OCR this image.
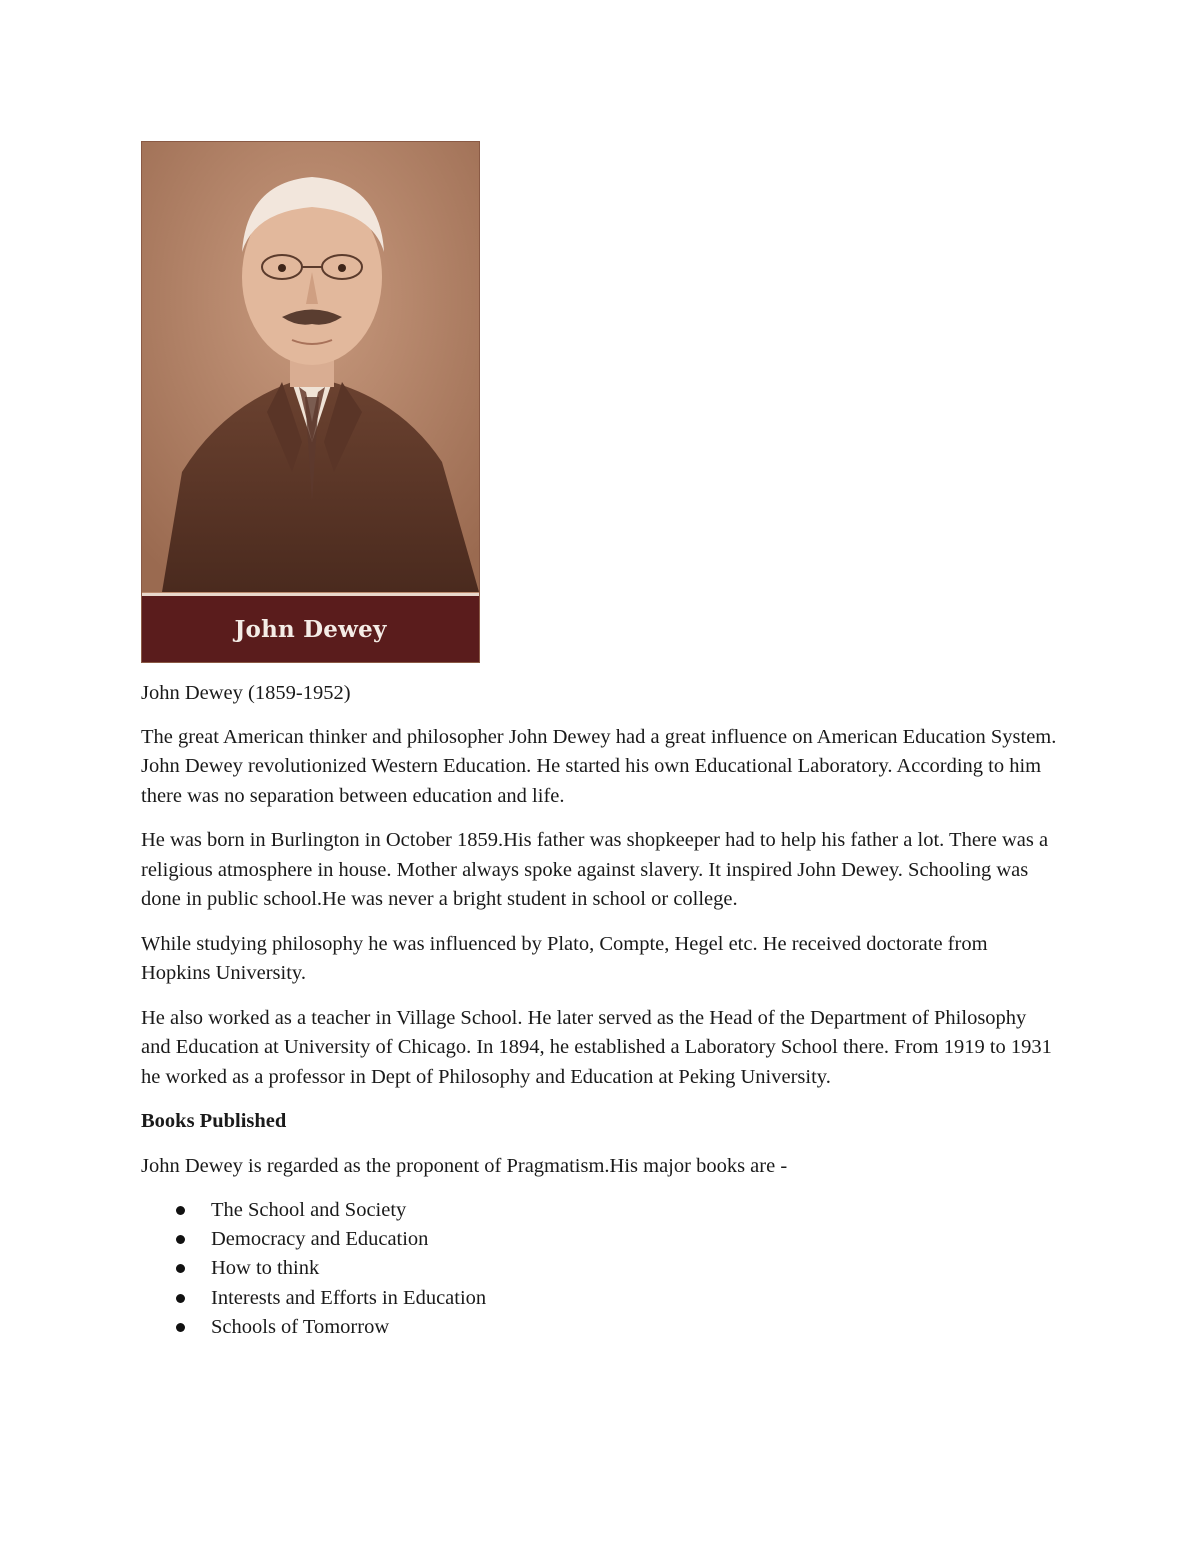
John Dewey

John Dewey (1859-1952)

The great American thinker and philosopher John Dewey had a great influence on American Education System. John Dewey revolutionized Western Education. He started his own Educational Laboratory. According to him there was no separation between education and life.

He was born in Burlington in October 1859.His father was shopkeeper had to help his father a lot. There was a religious atmosphere in house. Mother always spoke against slavery. It inspired John Dewey. Schooling was done in public school.He was never a bright student in school or college.

While studying philosophy he was influenced by Plato, Compte, Hegel etc. He received doctorate from Hopkins University.

He also worked as a teacher in Village School. He later served as the Head of the Department of Philosophy and Education at University of Chicago. In 1894, he established a Laboratory School there. From 1919 to 1931 he worked as a professor in Dept of Philosophy and Education at Peking University.

Books Published

John Dewey is regarded as the proponent of Pragmatism.His major books are -

The School and Society
Democracy and Education
How to think
Interests and Efforts in Education
Schools of Tomorrow
